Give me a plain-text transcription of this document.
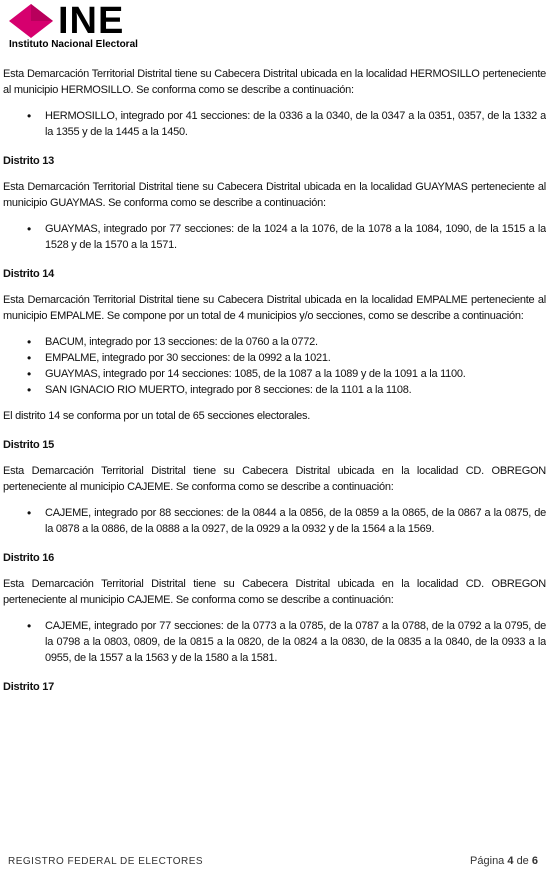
INE
Instituto Nacional Electoral

Esta Demarcación Territorial Distrital tiene su Cabecera Distrital ubicada en la localidad HERMOSILLO perteneciente al municipio HERMOSILLO. Se conforma como se describe a continuación:

• HERMOSILLO, integrado por 41 secciones: de la 0336 a la 0340, de la 0347 a la 0351, 0357, de la 1332 a la 1355 y de la 1445 a la 1450.

Distrito 13

Esta Demarcación Territorial Distrital tiene su Cabecera Distrital ubicada en la localidad GUAYMAS perteneciente al municipio GUAYMAS. Se conforma como se describe a continuación:

• GUAYMAS, integrado por 77 secciones: de la 1024 a la 1076, de la 1078 a la 1084, 1090, de la 1515 a la 1528 y de la 1570 a la 1571.

Distrito 14

Esta Demarcación Territorial Distrital tiene su Cabecera Distrital ubicada en la localidad EMPALME perteneciente al municipio EMPALME. Se compone por un total de 4 municipios y/o secciones, como se describe a continuación:

• BACUM, integrado por 13 secciones: de la 0760 a la 0772.
• EMPALME, integrado por 30 secciones: de la 0992 a la 1021.
• GUAYMAS, integrado por 14 secciones: 1085, de la 1087 a la 1089 y de la 1091 a la 1100.
• SAN IGNACIO RIO MUERTO, integrado por 8 secciones: de la 1101 a la 1108.

El distrito 14 se conforma por un total de 65 secciones electorales.

Distrito 15

Esta Demarcación Territorial Distrital tiene su Cabecera Distrital ubicada en la localidad CD. OBREGON perteneciente al municipio CAJEME. Se conforma como se describe a continuación:

• CAJEME, integrado por 88 secciones: de la 0844 a la 0856, de la 0859 a la 0865, de la 0867 a la 0875, de la 0878 a la 0886, de la 0888 a la 0927, de la 0929 a la 0932 y de la 1564 a la 1569.

Distrito 16

Esta Demarcación Territorial Distrital tiene su Cabecera Distrital ubicada en la localidad CD. OBREGON perteneciente al municipio CAJEME. Se conforma como se describe a continuación:

• CAJEME, integrado por 77 secciones: de la 0773 a la 0785, de la 0787 a la 0788, de la 0792 a la 0795, de la 0798 a la 0803, 0809, de la 0815 a la 0820, de la 0824 a la 0830, de la 0835 a la 0840, de la 0933 a la 0955, de la 1557 a la 1563 y de la 1580 a la 1581.

Distrito 17

REGISTRO FEDERAL DE ELECTORES	Página 4 de 6
